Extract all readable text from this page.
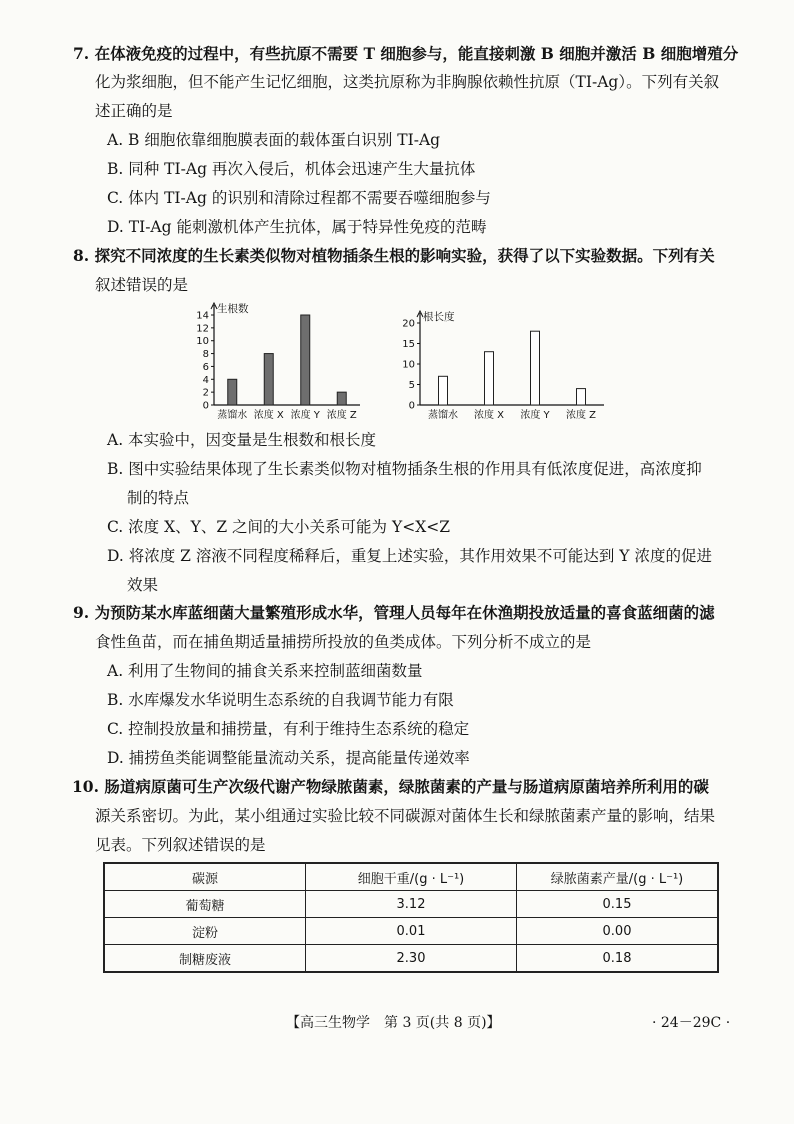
7. 在体液免疫的过程中，有些抗原不需要 T 细胞参与，能直接刺激 B 细胞并激活 B 细胞增殖分
化为浆细胞，但不能产生记忆细胞，这类抗原称为非胸腺依赖性抗原（TI-Ag）。下列有关叙
述正确的是
A. B 细胞依靠细胞膜表面的载体蛋白识别 TI-Ag
B. 同种 TI-Ag 再次入侵后，机体会迅速产生大量抗体
C. 体内 TI-Ag 的识别和清除过程都不需要吞噬细胞参与
D. TI-Ag 能刺激机体产生抗体，属于特异性免疫的范畴
8. 探究不同浓度的生长素类似物对植物插条生根的影响实验，获得了以下实验数据。下列有关
叙述错误的是
生根数
0
2
4
6
8
10
12
14
蒸馏水 浓度 X 浓度 Y 浓度 Z
根长度
0
5
10
15
20
蒸馏水 浓度 X 浓度 Y 浓度 Z
A. 本实验中，因变量是生根数和根长度
B. 图中实验结果体现了生长素类似物对植物插条生根的作用具有低浓度促进，高浓度抑
制的特点
C. 浓度 X、Y、Z 之间的大小关系可能为 Y<X<Z
D. 将浓度 Z 溶液不同程度稀释后，重复上述实验，其作用效果不可能达到 Y 浓度的促进
效果
9. 为预防某水库蓝细菌大量繁殖形成水华，管理人员每年在休渔期投放适量的喜食蓝细菌的滤
食性鱼苗，而在捕鱼期适量捕捞所投放的鱼类成体。下列分析不成立的是
A. 利用了生物间的捕食关系来控制蓝细菌数量
B. 水库爆发水华说明生态系统的自我调节能力有限
C. 控制投放量和捕捞量，有利于维持生态系统的稳定
D. 捕捞鱼类能调整能量流动关系，提高能量传递效率
10. 肠道病原菌可生产次级代谢产物绿脓菌素，绿脓菌素的产量与肠道病原菌培养所利用的碳
源关系密切。为此，某小组通过实验比较不同碳源对菌体生长和绿脓菌素产量的影响，结果
见表。下列叙述错误的是
碳源	细胞干重/(g · L⁻¹)	绿脓菌素产量/(g · L⁻¹)
葡萄糖	3.12	0.15
淀粉	0.01	0.00
制糖废液	2.30	0.18
【高三生物学　第 3 页(共 8 页)】	· 24－29C ·
